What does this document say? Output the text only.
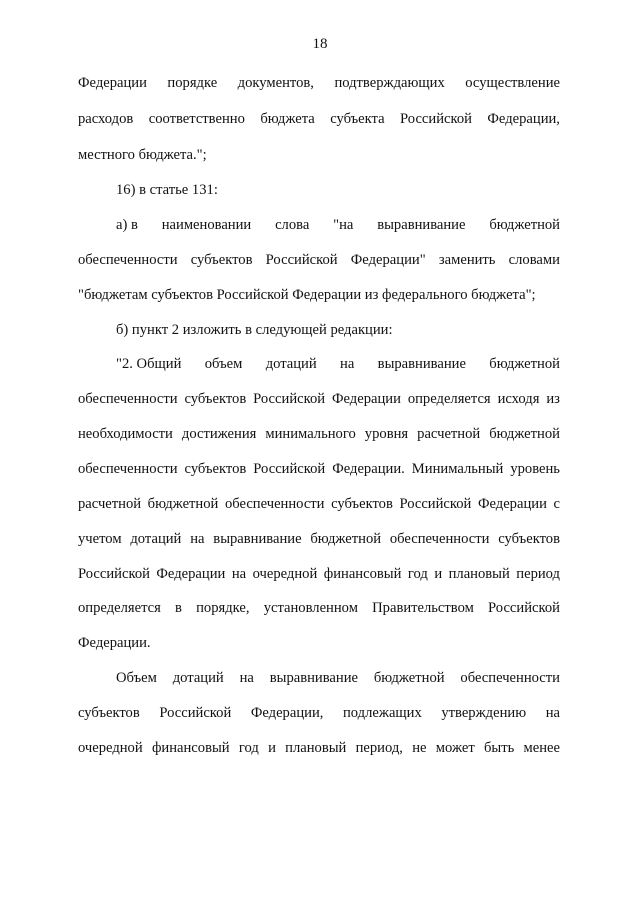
18
Федерации порядке документов, подтверждающих осуществление
расходов соответственно бюджета субъекта Российской Федерации,
местного бюджета.";
16) в статье 131:
а) в наименовании слова "на выравнивание бюджетной
обеспеченности субъектов Российской Федерации" заменить словами
"бюджетам субъектов Российской Федерации из федерального бюджета";
б) пункт 2 изложить в следующей редакции:
"2. Общий объем дотаций на выравнивание бюджетной
обеспеченности субъектов Российской Федерации определяется исходя из
необходимости достижения минимального уровня расчетной бюджетной
обеспеченности субъектов Российской Федерации. Минимальный уровень
расчетной бюджетной обеспеченности субъектов Российской Федерации с
учетом дотаций на выравнивание бюджетной обеспеченности субъектов
Российской Федерации на очередной финансовый год и плановый период
определяется в порядке, установленном Правительством Российской
Федерации.
Объем дотаций на выравнивание бюджетной обеспеченности
субъектов Российской Федерации, подлежащих утверждению на
очередной финансовый год и плановый период, не может быть менее
